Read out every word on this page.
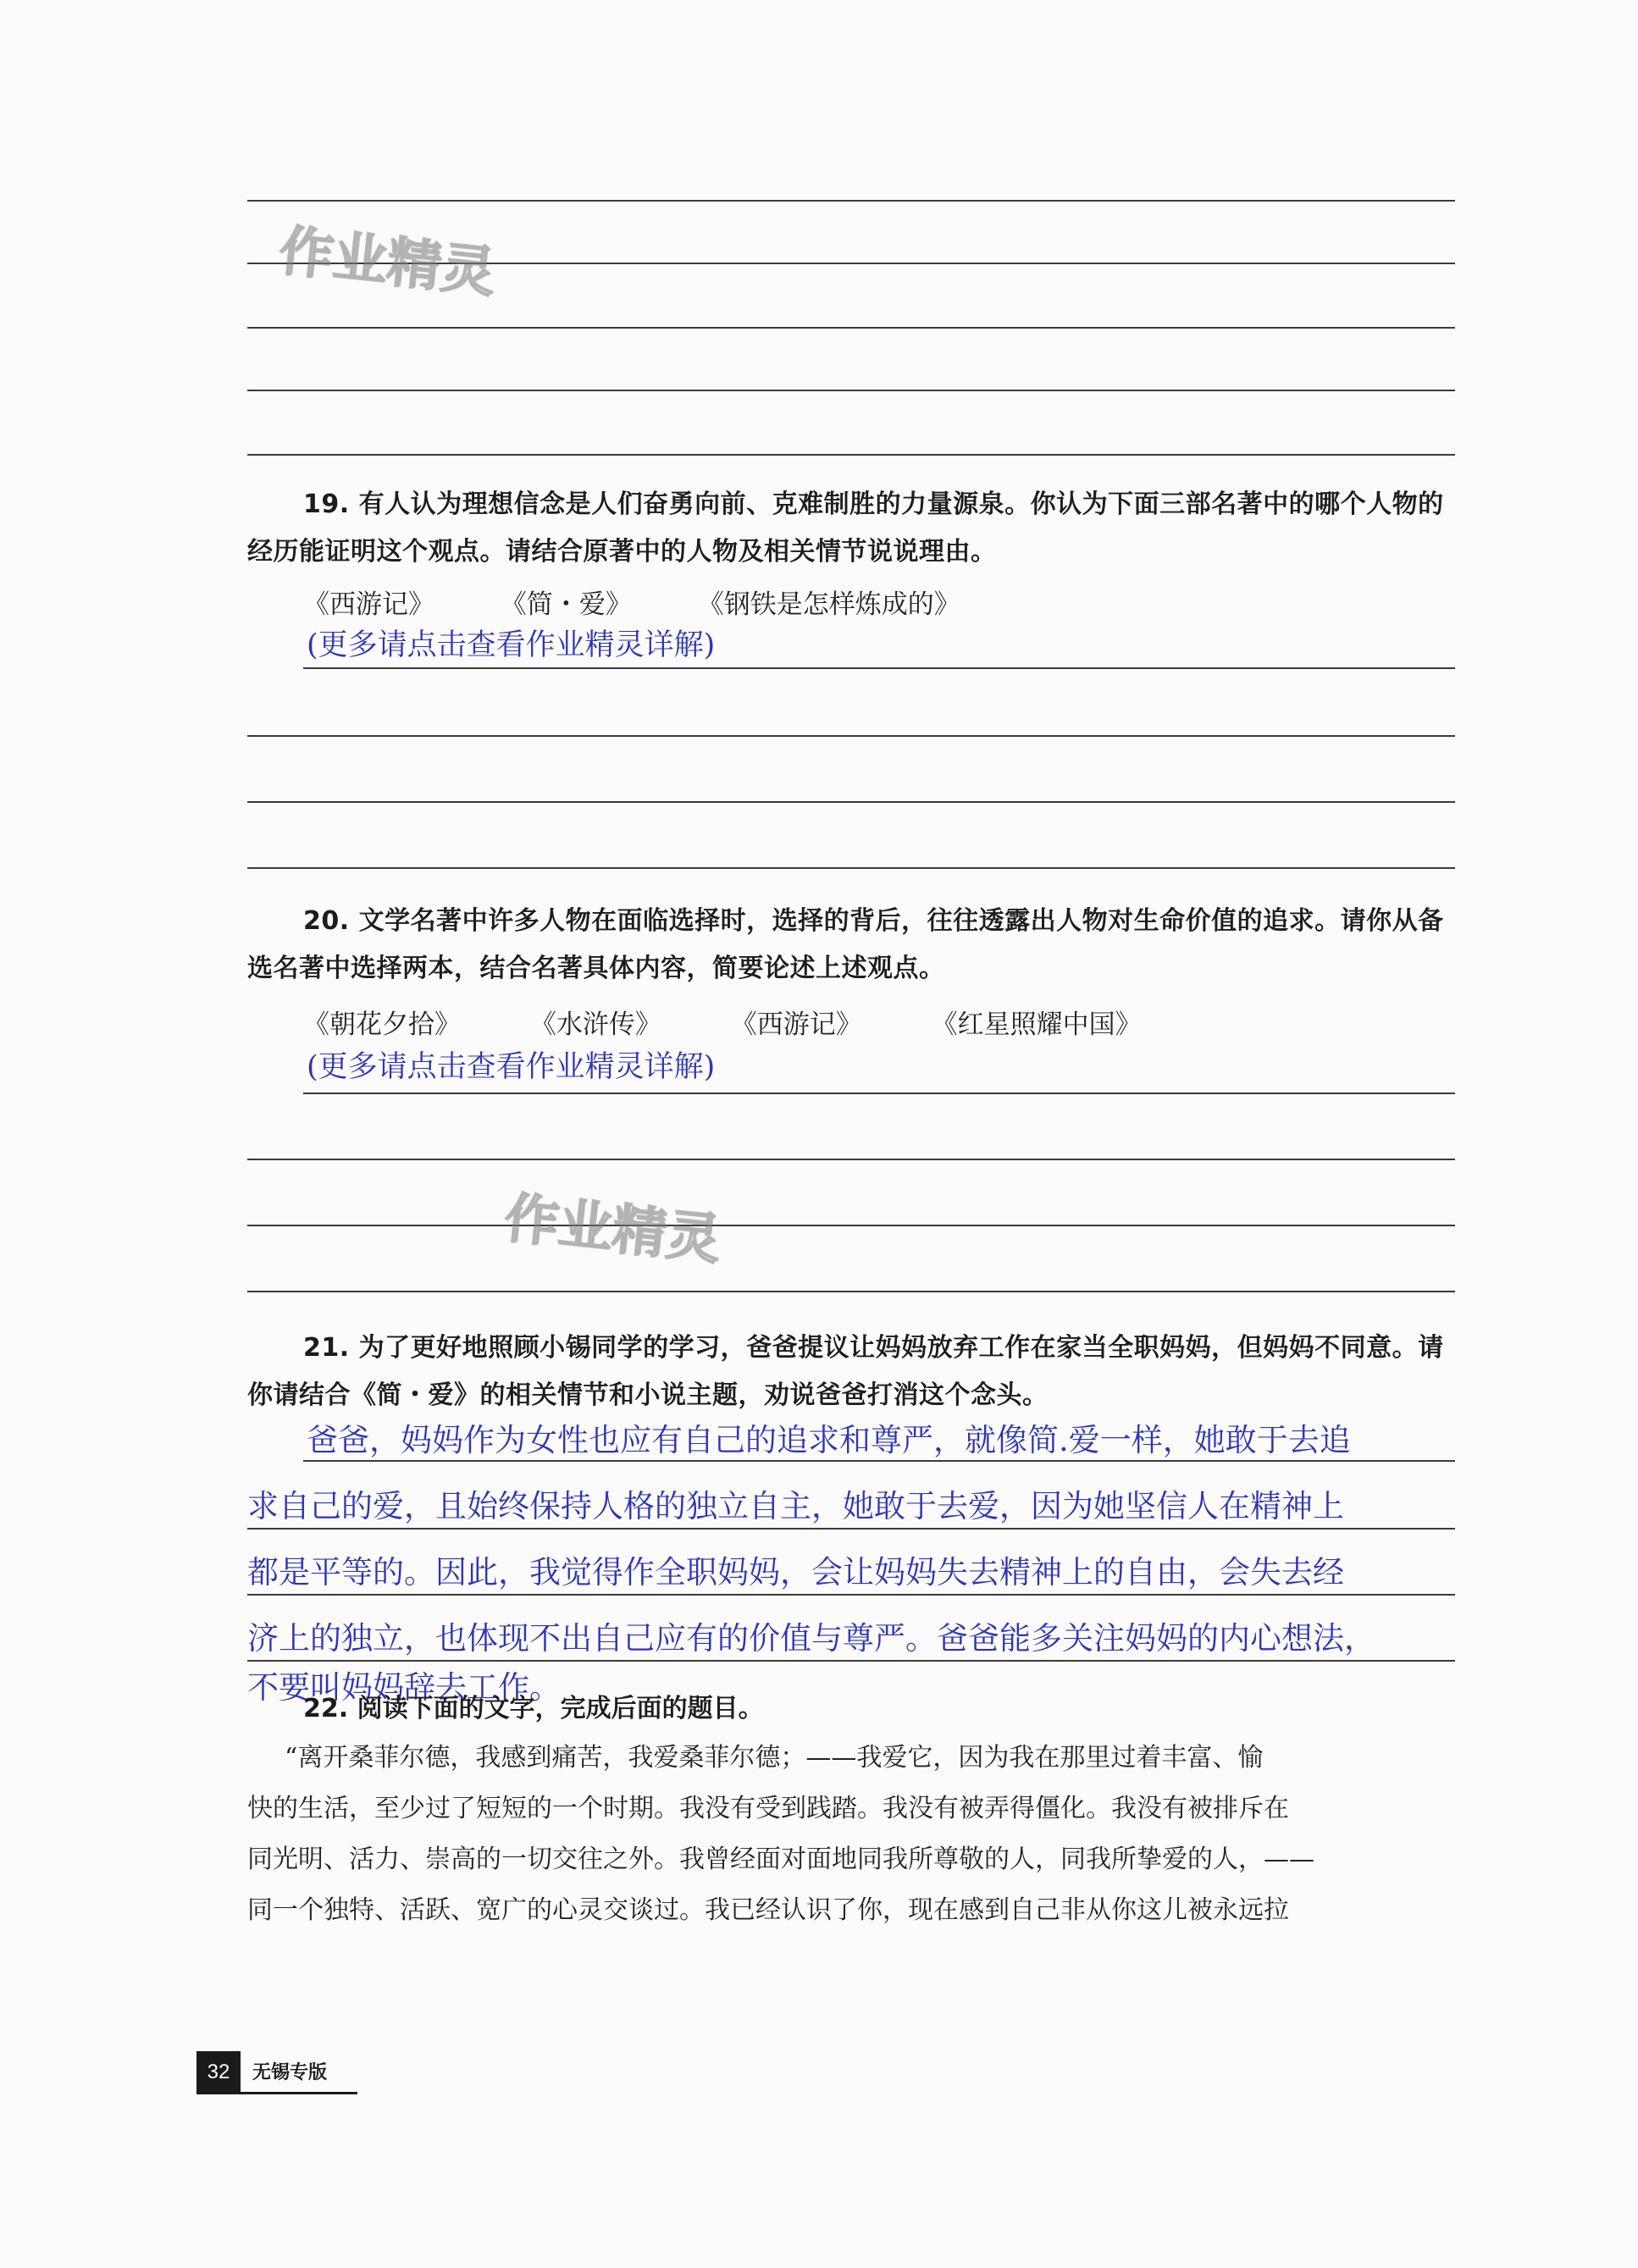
作业精灵
19. 有人认为理想信念是人们奋勇向前、克难制胜的力量源泉。你认为下面三部名著中的哪个人物的经历能证明这个观点。请结合原著中的人物及相关情节说说理由。
《西游记》	《简・爱》	《钢铁是怎样炼成的》
(更多请点击查看作业精灵详解)
20. 文学名著中许多人物在面临选择时，选择的背后，往往透露出人物对生命价值的追求。请你从备选名著中选择两本，结合名著具体内容，简要论述上述观点。
《朝花夕拾》	《水浒传》	《西游记》	《红星照耀中国》
(更多请点击查看作业精灵详解)
作业精灵
21. 为了更好地照顾小锡同学的学习，爸爸提议让妈妈放弃工作在家当全职妈妈，但妈妈不同意。请你请结合《简・爱》的相关情节和小说主题，劝说爸爸打消这个念头。
爸爸，妈妈作为女性也应有自己的追求和尊严，就像简.爱一样，她敢于去追
求自己的爱，且始终保持人格的独立自主，她敢于去爱，因为她坚信人在精神上
都是平等的。因此，我觉得作全职妈妈，会让妈妈失去精神上的自由，会失去经
济上的独立，也体现不出自己应有的价值与尊严。爸爸能多关注妈妈的内心想法，
不要叫妈妈辞去工作。
22. 阅读下面的文字，完成后面的题目。
“离开桑菲尔德，我感到痛苦，我爱桑菲尔德；——我爱它，因为我在那里过着丰富、愉
快的生活，至少过了短短的一个时期。我没有受到践踏。我没有被弄得僵化。我没有被排斥在
同光明、活力、崇高的一切交往之外。我曾经面对面地同我所尊敬的人，同我所挚爱的人，——
同一个独特、活跃、宽广的心灵交谈过。我已经认识了你，现在感到自己非从你这儿被永远拉
32	无锡专版
